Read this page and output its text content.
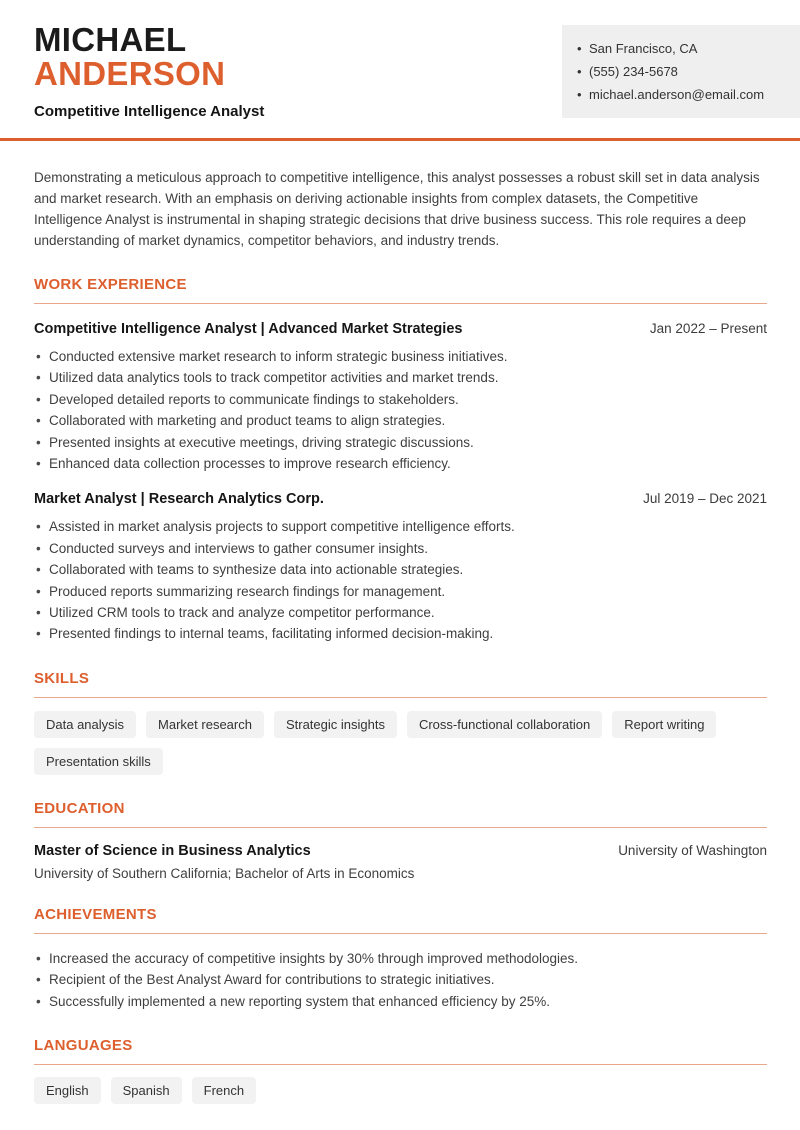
MICHAEL
ANDERSON
Competitive Intelligence Analyst
• San Francisco, CA
• (555) 234-5678
• michael.anderson@email.com

Demonstrating a meticulous approach to competitive intelligence, this analyst possesses a robust skill set in data analysis and market research. With an emphasis on deriving actionable insights from complex datasets, the Competitive Intelligence Analyst is instrumental in shaping strategic decisions that drive business success. This role requires a deep understanding of market dynamics, competitor behaviors, and industry trends.

WORK EXPERIENCE
Competitive Intelligence Analyst | Advanced Market Strategies	Jan 2022 – Present
• Conducted extensive market research to inform strategic business initiatives.
• Utilized data analytics tools to track competitor activities and market trends.
• Developed detailed reports to communicate findings to stakeholders.
• Collaborated with marketing and product teams to align strategies.
• Presented insights at executive meetings, driving strategic discussions.
• Enhanced data collection processes to improve research efficiency.
Market Analyst | Research Analytics Corp.	Jul 2019 – Dec 2021
• Assisted in market analysis projects to support competitive intelligence efforts.
• Conducted surveys and interviews to gather consumer insights.
• Collaborated with teams to synthesize data into actionable strategies.
• Produced reports summarizing research findings for management.
• Utilized CRM tools to track and analyze competitor performance.
• Presented findings to internal teams, facilitating informed decision-making.
SKILLS
Data analysis	Market research	Strategic insights	Cross-functional collaboration	Report writing
Presentation skills
EDUCATION
Master of Science in Business Analytics	University of Washington
University of Southern California; Bachelor of Arts in Economics
ACHIEVEMENTS
• Increased the accuracy of competitive insights by 30% through improved methodologies.
• Recipient of the Best Analyst Award for contributions to strategic initiatives.
• Successfully implemented a new reporting system that enhanced efficiency by 25%.
LANGUAGES
English	Spanish	French
